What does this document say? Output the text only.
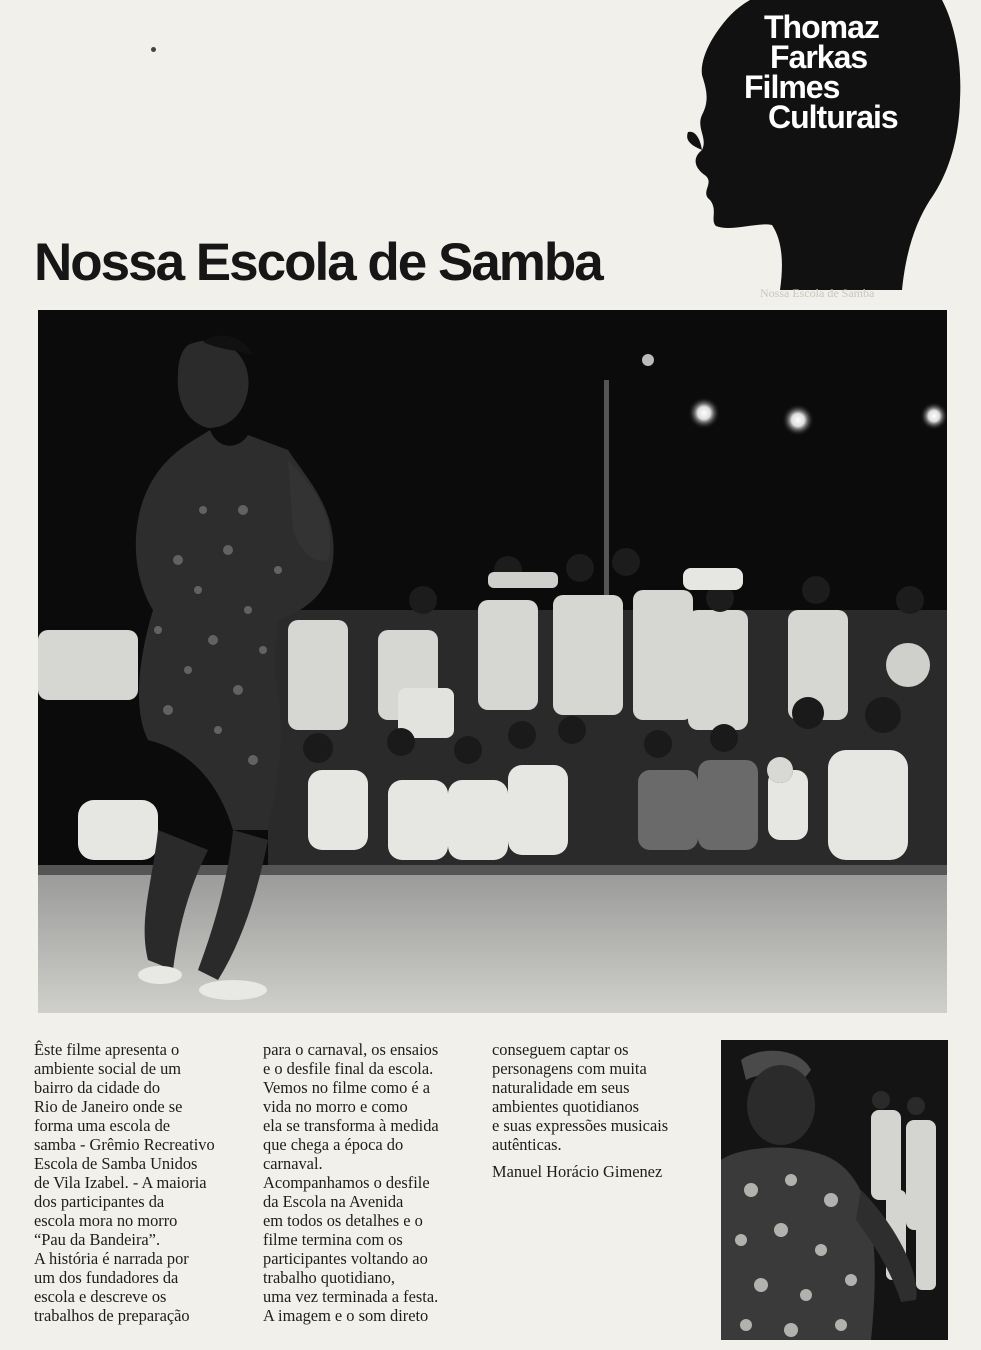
Thomaz
Farkas
Filmes
Culturais
Nossa Escola de Samba
Nossa Escola de Samba

Êste filme apresenta o

ambiente social de um

bairro da cidade do

Rio de Janeiro onde se

forma uma escola de

samba - Grêmio Recreativo

Escola de Samba Unidos

de Vila Izabel. - A maioria

dos participantes da

escola mora no morro

“Pau da Bandeira”.

A história é narrada por

um dos fundadores da

escola e descreve os

trabalhos de preparação

para o carnaval, os ensaios

e o desfile final da escola.

Vemos no filme como é a

vida no morro e como

ela se transforma à medida

que chega a época do

carnaval.

Acompanhamos o desfile

da Escola na Avenida

em todos os detalhes e o

filme termina com os

participantes voltando ao

trabalho quotidiano,

uma vez terminada a festa.

A imagem e o som direto

conseguem captar os

personagens com muita

naturalidade em seus

ambientes quotidianos

e suas expressões musicais

autênticas.

Manuel Horácio Gimenez
